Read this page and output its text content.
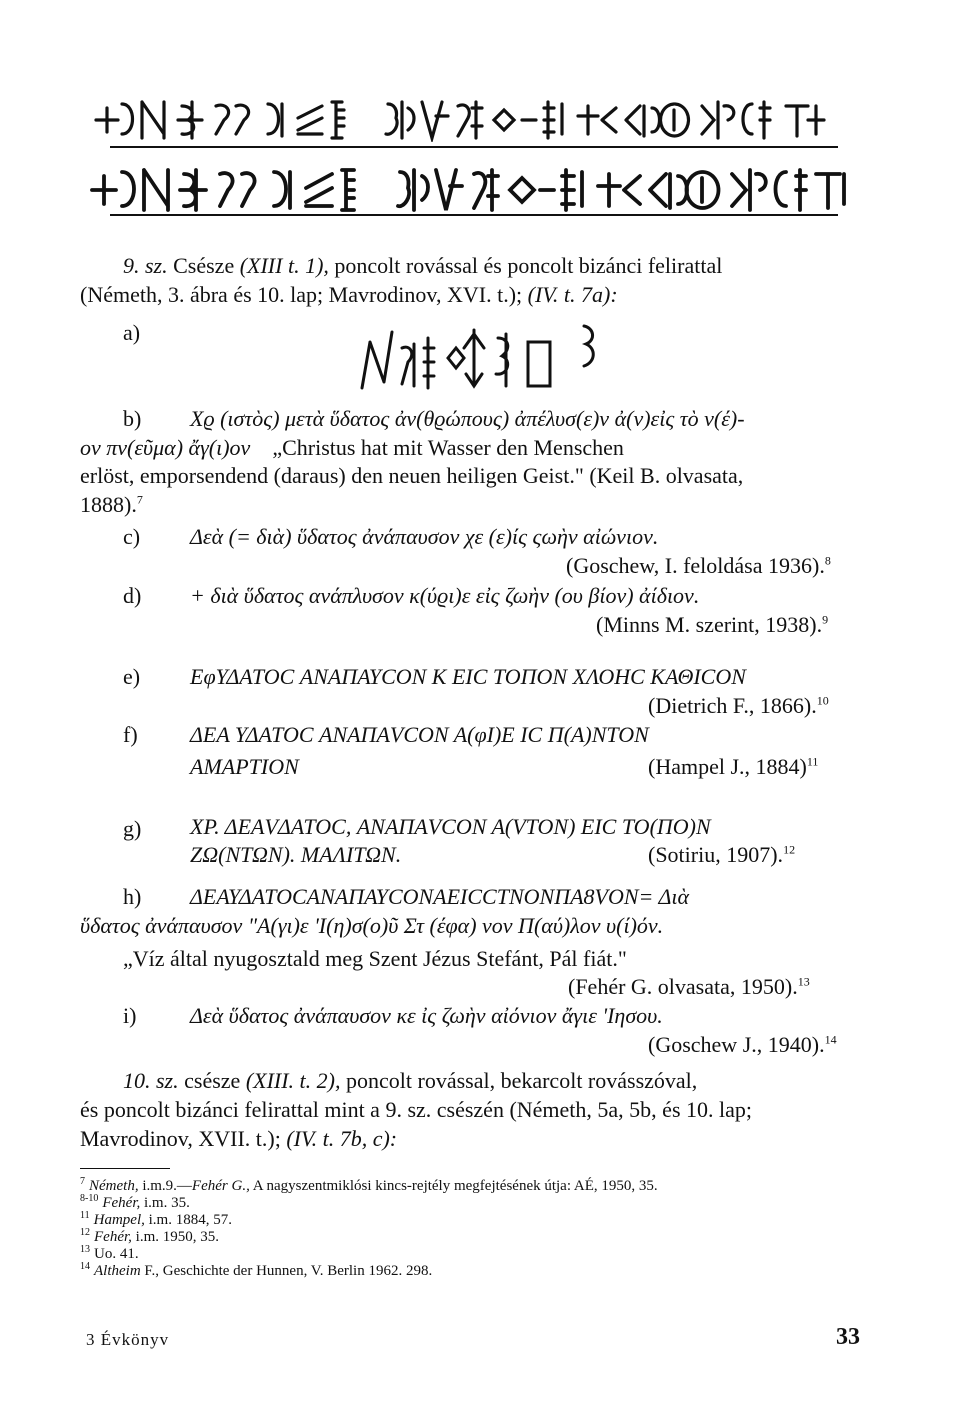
9. sz. Csésze (XIII t. 1), poncolt rovással és poncolt bizánci felirattal
(Németh, 3. ábra és 10. lap; Mavrodinov, XVI. t.); (IV. t. 7a):
a)
b) Χϱ (ιστὸς) μετὰ ὕδατος ἀν(θϱώπους) ἀπέλυσ(ε)ν ἀ(ν)εἰς τὸ ν(έ)-
ον πν(εῦμα) ἄγ(ι)ον „Christus hat mit Wasser den Menschen
erlöst, emporsendend (daraus) den neuen heiligen Geist." (Keil B. olvasata,
1888).$^7$
c) Δεὰ (= διὰ) ὕδατος ἀνάπαυσον χε (ε)ίς ςωὴν αἰώνιον.
(Goschew, I. feloldása 1936).$^8$
d) + διὰ ὕδατος ανάπλυσον κ(ύϱι)ε εἰς ζωὴν (ου βίον) ἀίδιον.
(Minns M. szerint, 1938).$^9$
e) ΕφΥΔΑΤΟC ΑΝΑΠΑΥCΟΝ Κ ΕΙC ΤΟΠΟΝ ΧΛΟΗC ΚΑΘΙCΟΝ
(Dietrich F., 1866).$^{10}$
f) ΔΕΑ ΥΔΑΤΟC ΑΝΑΠΑVCΟΝ Α(φΙ)Ε ΙC Π(Α)ΝΤΟΝ
ΑΜΑΡΤΙΟΝ	(Hampel J., 1884)$^{11}$
g) ΧΡ. ΔΕΑVΔΑΤΟC, ΑΝΑΠΑVCΟΝ Α(VΤΟΝ) ΕΙC ΤΟ(ΠΟ)Ν
ΖΩ(ΝΤΩΝ). ΜΑΛΙΤΩΝ.	(Sotiriu, 1907).$^{12}$
h) ΔΕΑΥΔΑΤΟCΑΝΑΠΑΥCΟΝΑΕΙCCΤΝΟΝΠΑ8VΟΝ= Διὰ
ὕδατος ἀνάπαυσον "Α(γι)ε 'Ι(η)σ(ο)ῦ Στ (έφα) νον Π(αύ)λον υ(ί)όν.
„Víz által nyugosztald meg Szent Jézus Stefánt, Pál fiát."
(Fehér G. olvasata, 1950).$^{13}$
i) Δεὰ ὕδατος ἀνάπαυσον κε ἰς ζωὴν αἰόνιον ἄγιε 'Ιησου.
(Goschew J., 1940).$^{14}$
10. sz. csésze (XIII. t. 2), poncolt rovással, bekarcolt rovásszóval,
és poncolt bizánci felirattal mint a 9. sz. csészén (Németh, 5a, 5b, és 10. lap;
Mavrodinov, XVII. t.); (IV. t. 7b, c):
$^7$ Németh, i.m.9.—Fehér G., A nagyszentmiklósi kincs-rejtély megfejtésének útja: AÉ, 1950, 35.
$^{8-10}$ Fehér, i.m. 35.
$^{11}$ Hampel, i.m. 1884, 57.
$^{12}$ Fehér, i.m. 1950, 35.
$^{13}$ Uo. 41.
$^{14}$ Altheim F., Geschichte der Hunnen, V. Berlin 1962. 298.
3 Évkönyv	33
